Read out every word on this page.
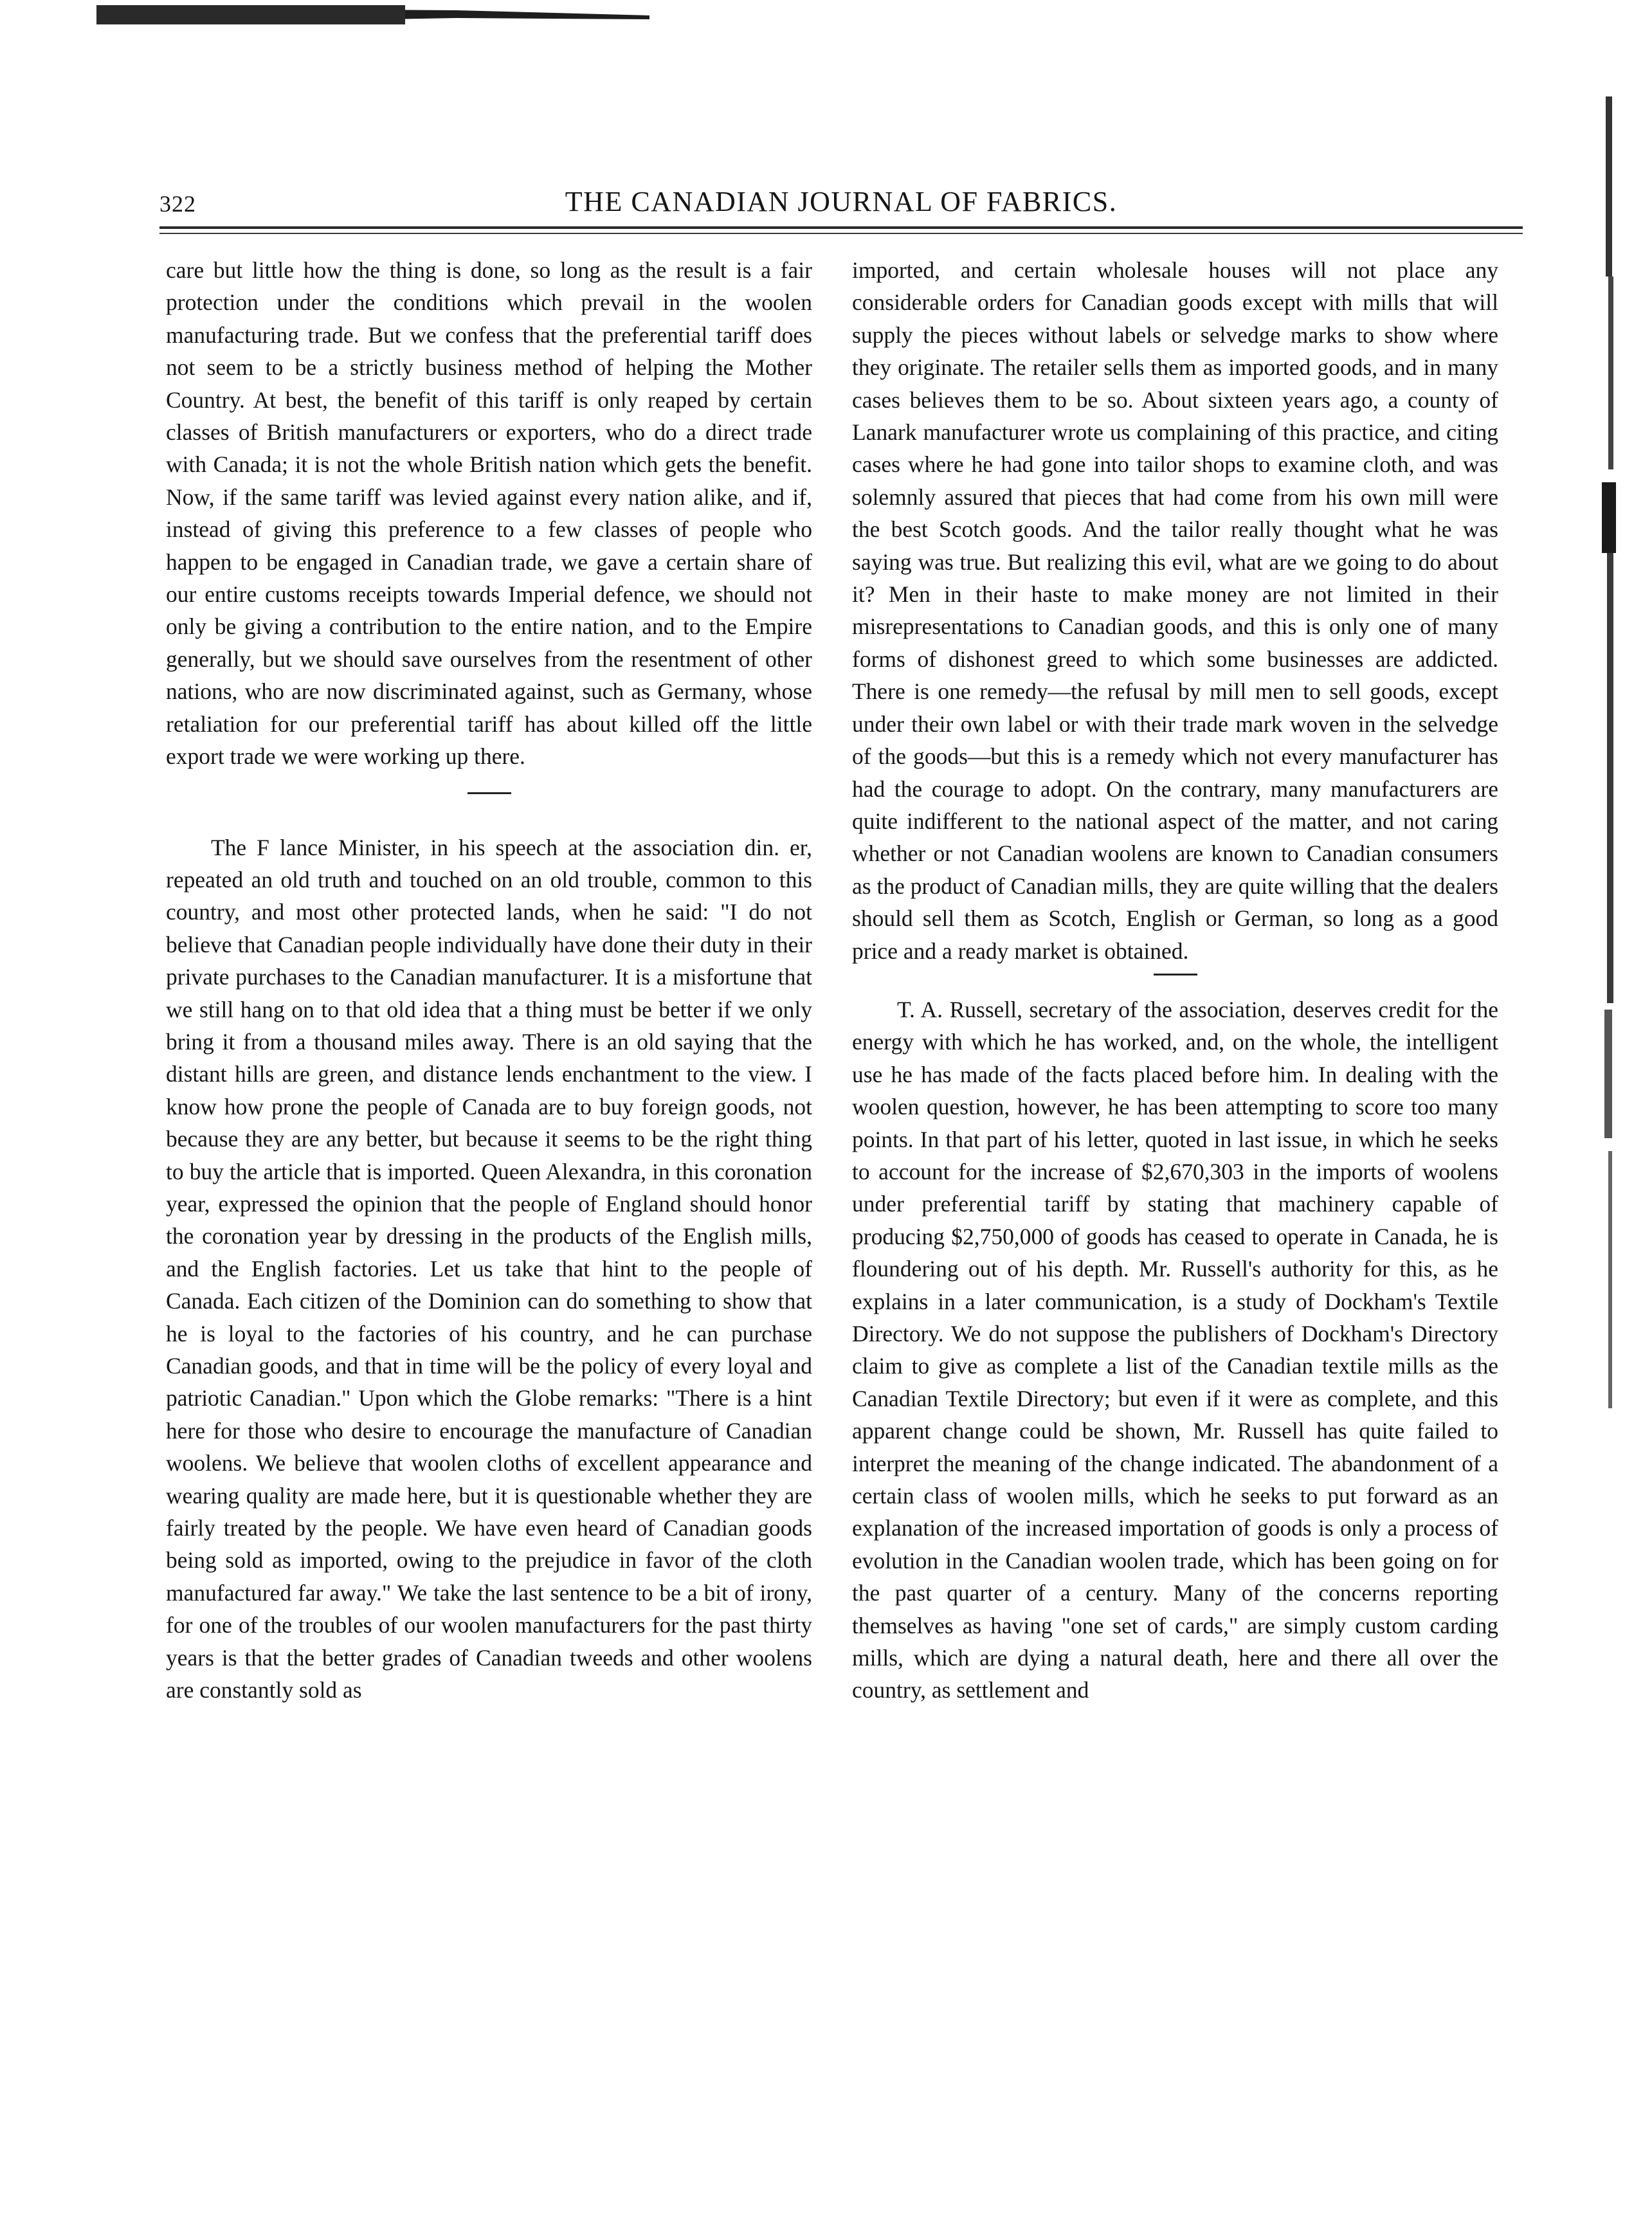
322	THE CANADIAN JOURNAL OF FABRICS.

care but little how the thing is done, so long as the result is a fair protection under the conditions which prevail in the woolen manufacturing trade. But we confess that the preferential tariff does not seem to be a strictly business method of helping the Mother Country. At best, the benefit of this tariff is only reaped by certain classes of British manufacturers or exporters, who do a direct trade with Canada; it is not the whole British nation which gets the benefit. Now, if the same tariff was levied against every nation alike, and if, instead of giving this preference to a few classes of people who happen to be engaged in Canadian trade, we gave a certain share of our entire customs receipts towards Imperial defence, we should not only be giving a contribution to the entire nation, and to the Empire generally, but we should save ourselves from the resentment of other nations, who are now discriminated against, such as Germany, whose retaliation for our preferential tariff has about killed off the little export trade we were working up there.

The F lance Minister, in his speech at the association din. er, repeated an old truth and touched on an old trouble, common to this country, and most other protected lands, when he said: "I do not believe that Canadian people individually have done their duty in their private purchases to the Canadian manufacturer. It is a misfortune that we still hang on to that old idea that a thing must be better if we only bring it from a thousand miles away. There is an old saying that the distant hills are green, and distance lends enchantment to the view. I know how prone the people of Canada are to buy foreign goods, not because they are any better, but because it seems to be the right thing to buy the article that is imported. Queen Alexandra, in this coronation year, expressed the opinion that the people of England should honor the coronation year by dressing in the products of the English mills, and the English factories. Let us take that hint to the people of Canada. Each citizen of the Dominion can do something to show that he is loyal to the factories of his country, and he can purchase Canadian goods, and that in time will be the policy of every loyal and patriotic Canadian." Upon which the Globe remarks: "There is a hint here for those who desire to encourage the manufacture of Canadian woolens. We believe that woolen cloths of excellent appearance and wearing quality are made here, but it is questionable whether they are fairly treated by the people. We have even heard of Canadian goods being sold as imported, owing to the prejudice in favor of the cloth manufactured far away." We take the last sentence to be a bit of irony, for one of the troubles of our woolen manufacturers for the past thirty years is that the better grades of Canadian tweeds and other woolens are constantly sold as

imported, and certain wholesale houses will not place any considerable orders for Canadian goods except with mills that will supply the pieces without labels or selvedge marks to show where they originate. The retailer sells them as imported goods, and in many cases believes them to be so. About sixteen years ago, a county of Lanark manufacturer wrote us complaining of this practice, and citing cases where he had gone into tailor shops to examine cloth, and was solemnly assured that pieces that had come from his own mill were the best Scotch goods. And the tailor really thought what he was saying was true. But realizing this evil, what are we going to do about it? Men in their haste to make money are not limited in their misrepresentations to Canadian goods, and this is only one of many forms of dishonest greed to which some businesses are addicted. There is one remedy—the refusal by mill men to sell goods, except under their own label or with their trade mark woven in the selvedge of the goods—but this is a remedy which not every manufacturer has had the courage to adopt. On the contrary, many manufacturers are quite indifferent to the national aspect of the matter, and not caring whether or not Canadian woolens are known to Canadian consumers as the product of Canadian mills, they are quite willing that the dealers should sell them as Scotch, English or German, so long as a good price and a ready market is obtained.

T. A. Russell, secretary of the association, deserves credit for the energy with which he has worked, and, on the whole, the intelligent use he has made of the facts placed before him. In dealing with the woolen question, however, he has been attempting to score too many points. In that part of his letter, quoted in last issue, in which he seeks to account for the increase of $2,670,303 in the imports of woolens under preferential tariff by stating that machinery capable of producing $2,750,000 of goods has ceased to operate in Canada, he is floundering out of his depth. Mr. Russell's authority for this, as he explains in a later communication, is a study of Dockham's Textile Directory. We do not suppose the publishers of Dockham's Directory claim to give as complete a list of the Canadian textile mills as the Canadian Textile Directory; but even if it were as complete, and this apparent change could be shown, Mr. Russell has quite failed to interpret the meaning of the change indicated. The abandonment of a certain class of woolen mills, which he seeks to put forward as an explanation of the increased importation of goods is only a process of evolution in the Canadian woolen trade, which has been going on for the past quarter of a century. Many of the concerns reporting themselves as having "one set of cards," are simply custom carding mills, which are dying a natural death, here and there all over the country, as settlement and
